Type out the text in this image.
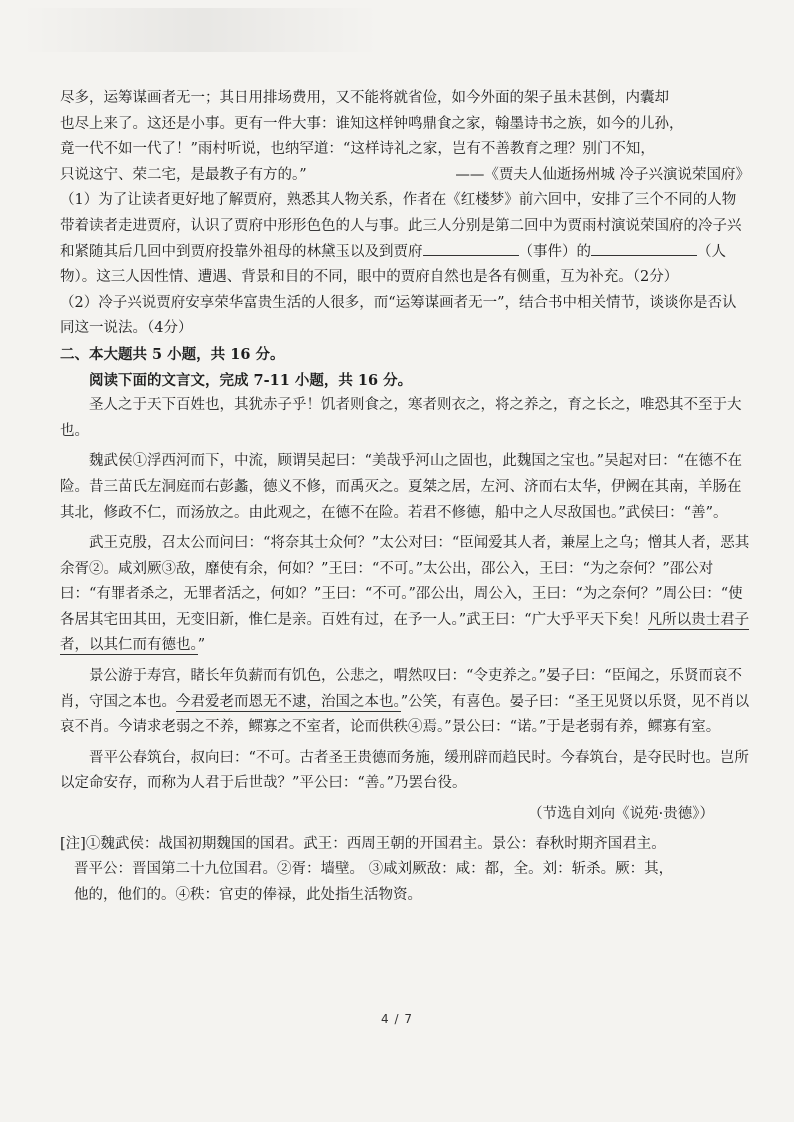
尽多，运筹谋画者无一；其日用排场费用，又不能将就省俭，如今外面的架子虽未甚倒，内囊却

也尽上来了。这还是小事。更有一件大事：谁知这样钟鸣鼎食之家，翰墨诗书之族，如今的儿孙，

竟一代不如一代了！”雨村听说，也纳罕道：“这样诗礼之家，岂有不善教育之理？别门不知，

只说这宁、荣二宅，是最教子有方的。”	——《贾夫人仙逝扬州城 冷子兴演说荣国府》

（1）为了让读者更好地了解贾府，熟悉其人物关系，作者在《红楼梦》前六回中，安排了三个不同的人物带着读者走进贾府，认识了贾府中形形色色的人与事。此三人分别是第二回中为贾雨村演说荣国府的冷子兴和紧随其后几回中到贾府投靠外祖母的林黛玉以及到贾府	（事件）的	（人物）。这三人因性情、遭遇、背景和目的不同，眼中的贾府自然也是各有侧重，互为补充。（2分）

（2）冷子兴说贾府安享荣华富贵生活的人很多，而“运筹谋画者无一”，结合书中相关情节，谈谈你是否认同这一说法。（4分）

二、本大题共 5 小题，共 16 分。

阅读下面的文言文，完成 7-11 小题，共 16 分。

圣人之于天下百姓也，其犹赤子乎！饥者则食之，寒者则衣之，将之养之，育之长之，唯恐其不至于大也。

魏武侯①浮西河而下，中流，顾谓吴起曰：“美哉乎河山之固也，此魏国之宝也。”吴起对曰：“在德不在险。昔三苗氏左洞庭而右彭蠡，德义不修，而禹灭之。夏桀之居，左河、济而右太华，伊阙在其南，羊肠在其北，修政不仁，而汤放之。由此观之，在德不在险。若君不修德，船中之人尽敌国也。”武侯曰：“善”。

武王克殷，召太公而问曰：“将奈其士众何？”太公对曰：“臣闻爱其人者，兼屋上之乌；憎其人者，恶其余胥②。咸刘厥③敌，靡使有余，何如？”王曰：“不可。”太公出，邵公入，王曰：“为之奈何？”邵公对曰：“有罪者杀之，无罪者活之，何如？”王曰：“不可。”邵公出，周公入，王曰：“为之奈何？”周公曰：“使各居其宅田其田，无变旧新，惟仁是亲。百姓有过，在予一人。”武王曰：“广大乎平天下矣！凡所以贵士君子者，以其仁而有德也。”

景公游于寿宫，睹长年负薪而有饥色，公悲之，喟然叹曰：“令吏养之。”晏子曰：“臣闻之，乐贤而哀不肖，守国之本也。今君爱老而恩无不逮，治国之本也。”公笑，有喜色。晏子曰：“圣王见贤以乐贤，见不肖以哀不肖。今请求老弱之不养，鳏寡之不室者，论而供秩④焉。”景公曰：“诺。”于是老弱有养，鳏寡有室。

晋平公春筑台，叔向曰：“不可。古者圣王贵德而务施，缓刑辟而趋民时。今春筑台，是夺民时也。岂所以定命安存，而称为人君于后世哉？”平公曰：“善。”乃罢台役。

（节选自刘向《说苑·贵德》）

[注]①魏武侯：战国初期魏国的国君。武王：西周王朝的开国君主。景公：春秋时期齐国君主。

晋平公：晋国第二十九位国君。②胥：墙壁。 ③咸刘厥敌：咸：都，全。刘：斩杀。厥：其，

他的，他们的。④秩：官吏的俸禄，此处指生活物资。

4 / 7
